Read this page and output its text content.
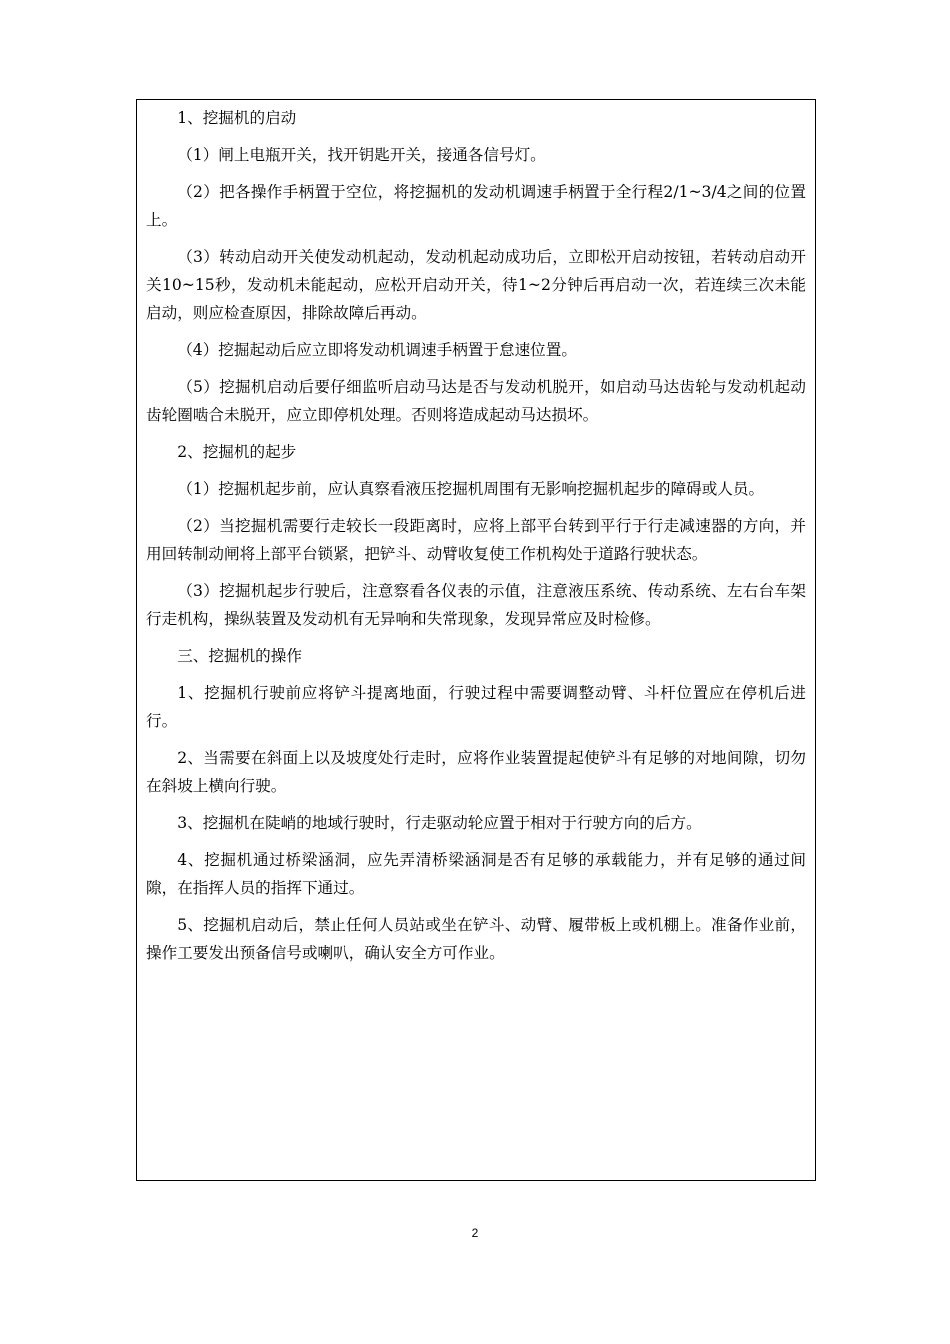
1、挖掘机的启动

（1）闸上电瓶开关，找开钥匙开关，接通各信号灯。

（2）把各操作手柄置于空位，将挖掘机的发动机调速手柄置于全行程2/1~3/4之间的位置上。

（3）转动启动开关使发动机起动，发动机起动成功后，立即松开启动按钮，若转动启动开关10~15秒，发动机未能起动，应松开启动开关，待1~2分钟后再启动一次，若连续三次未能启动，则应检查原因，排除故障后再动。

（4）挖掘起动后应立即将发动机调速手柄置于怠速位置。

（5）挖掘机启动后要仔细监听启动马达是否与发动机脱开，如启动马达齿轮与发动机起动齿轮圈啮合未脱开，应立即停机处理。否则将造成起动马达损坏。

2、挖掘机的起步

（1）挖掘机起步前，应认真察看液压挖掘机周围有无影响挖掘机起步的障碍或人员。

（2）当挖掘机需要行走较长一段距离时，应将上部平台转到平行于行走减速器的方向，并用回转制动闸将上部平台锁紧，把铲斗、动臂收复使工作机构处于道路行驶状态。

（3）挖掘机起步行驶后，注意察看各仪表的示值，注意液压系统、传动系统、左右台车架行走机构，操纵装置及发动机有无异响和失常现象，发现异常应及时检修。

三、挖掘机的操作

1、挖掘机行驶前应将铲斗提离地面，行驶过程中需要调整动臂、斗杆位置应在停机后进行。

2、当需要在斜面上以及坡度处行走时，应将作业装置提起使铲斗有足够的对地间隙，切勿在斜坡上横向行驶。

3、挖掘机在陡峭的地域行驶时，行走驱动轮应置于相对于行驶方向的后方。

4、挖掘机通过桥梁涵洞，应先弄清桥梁涵洞是否有足够的承载能力，并有足够的通过间隙，在指挥人员的指挥下通过。

5、挖掘机启动后，禁止任何人员站或坐在铲斗、动臂、履带板上或机棚上。准备作业前，操作工要发出预备信号或喇叭，确认安全方可作业。

2
